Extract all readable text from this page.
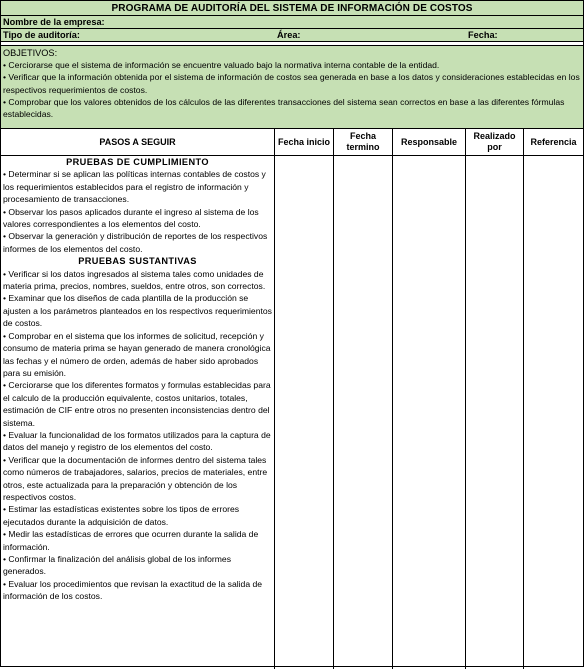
PROGRAMA DE AUDITORÍA DEL SISTEMA DE INFORMACIÓN DE COSTOS
Nombre de la empresa:
Tipo de auditoría:	Área:	Fecha:
OBJETIVOS:
• Cerciorarse que el sistema de información se encuentre valuado bajo la normativa interna contable de la entidad.
• Verificar que la información obtenida por el sistema de información de costos sea generada en base a los datos y consideraciones establecidas en los respectivos requerimientos de costos.
• Comprobar que los valores obtenidos de los cálculos de las diferentes transacciones del sistema sean correctos en base a las diferentes fórmulas establecidas.
PASOS A SEGUIR
PRUEBAS DE CUMPLIMIENTO
• Determinar si se aplican las políticas internas contables de costos y los requerimientos establecidos para el registro de información y procesamiento de transacciones.
• Observar los pasos aplicados durante el ingreso al sistema de los valores correspondientes a los elementos del costo.
• Observar la generación y distribución de reportes de los respectivos informes de los elementos del costo.
PRUEBAS SUSTANTIVAS
• Verificar si los datos ingresados al sistema tales como unidades de materia prima, precios, nombres, sueldos, entre otros, son correctos.
• Examinar que los diseños de cada plantilla de la producción se ajusten a los parámetros planteados en los respectivos requerimientos de costos.
• Comprobar en el sistema que los informes de solicitud, recepción y consumo de materia prima se hayan generado de manera cronológica las fechas y el número de orden, además de haber sido aprobados para su emisión.
• Cerciorarse que los diferentes formatos y formulas establecidas para el calculo de la producción equivalente, costos unitarios, totales, estimación de CIF entre otros no presenten inconsistencias dentro del sistema.
• Evaluar la funcionalidad de los formatos utilizados para la captura de datos del manejo y registro de los elementos del costo.
• Verificar que la documentación de informes dentro del sistema tales como números de trabajadores, salarios, precios de materiales, entre otros, este actualizada para la preparación y obtención de los respectivos costos.
• Estimar las estadísticas existentes sobre los tipos de errores ejecutados durante la adquisición de datos.
• Medir las estadísticas de errores que ocurren durante la salida de información.
• Confirmar la finalización del análisis global de los informes generados.
• Evaluar los procedimientos que revisan la exactitud de la salida de información de los costos.
Fecha inicio
Fecha termino
Responsable
Realizado por
Referencia
